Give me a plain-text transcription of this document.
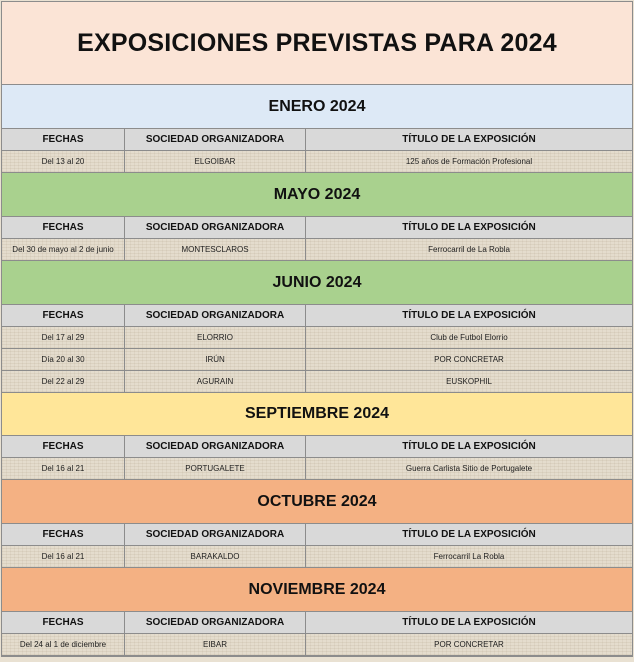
EXPOSICIONES PREVISTAS PARA 2024
ENERO 2024
FECHAS	SOCIEDAD ORGANIZADORA	TÍTULO DE LA EXPOSICIÓN
Del 13 al 20	ELGOIBAR	125 años de Formación Profesional
MAYO 2024
FECHAS	SOCIEDAD ORGANIZADORA	TÍTULO DE LA EXPOSICIÓN
Del 30 de mayo al 2 de junio	MONTESCLAROS	Ferrocarril de La Robla
JUNIO 2024
FECHAS	SOCIEDAD ORGANIZADORA	TÍTULO DE LA EXPOSICIÓN
Del 17 al 29	ELORRIO	Club de Futbol Elorrio
Día 20 al 30	IRÚN	POR CONCRETAR
Del 22 al 29	AGURAIN	EUSKOPHIL
SEPTIEMBRE 2024
FECHAS	SOCIEDAD ORGANIZADORA	TÍTULO DE LA EXPOSICIÓN
Del 16 al 21	PORTUGALETE	Guerra Carlista Sitio de Portugalete
OCTUBRE 2024
FECHAS	SOCIEDAD ORGANIZADORA	TÍTULO DE LA EXPOSICIÓN
Del 16 al 21	BARAKALDO	Ferrocarril La Robla
NOVIEMBRE 2024
FECHAS	SOCIEDAD ORGANIZADORA	TÍTULO DE LA EXPOSICIÓN
Del 24 al 1 de diciembre	EIBAR	POR CONCRETAR
